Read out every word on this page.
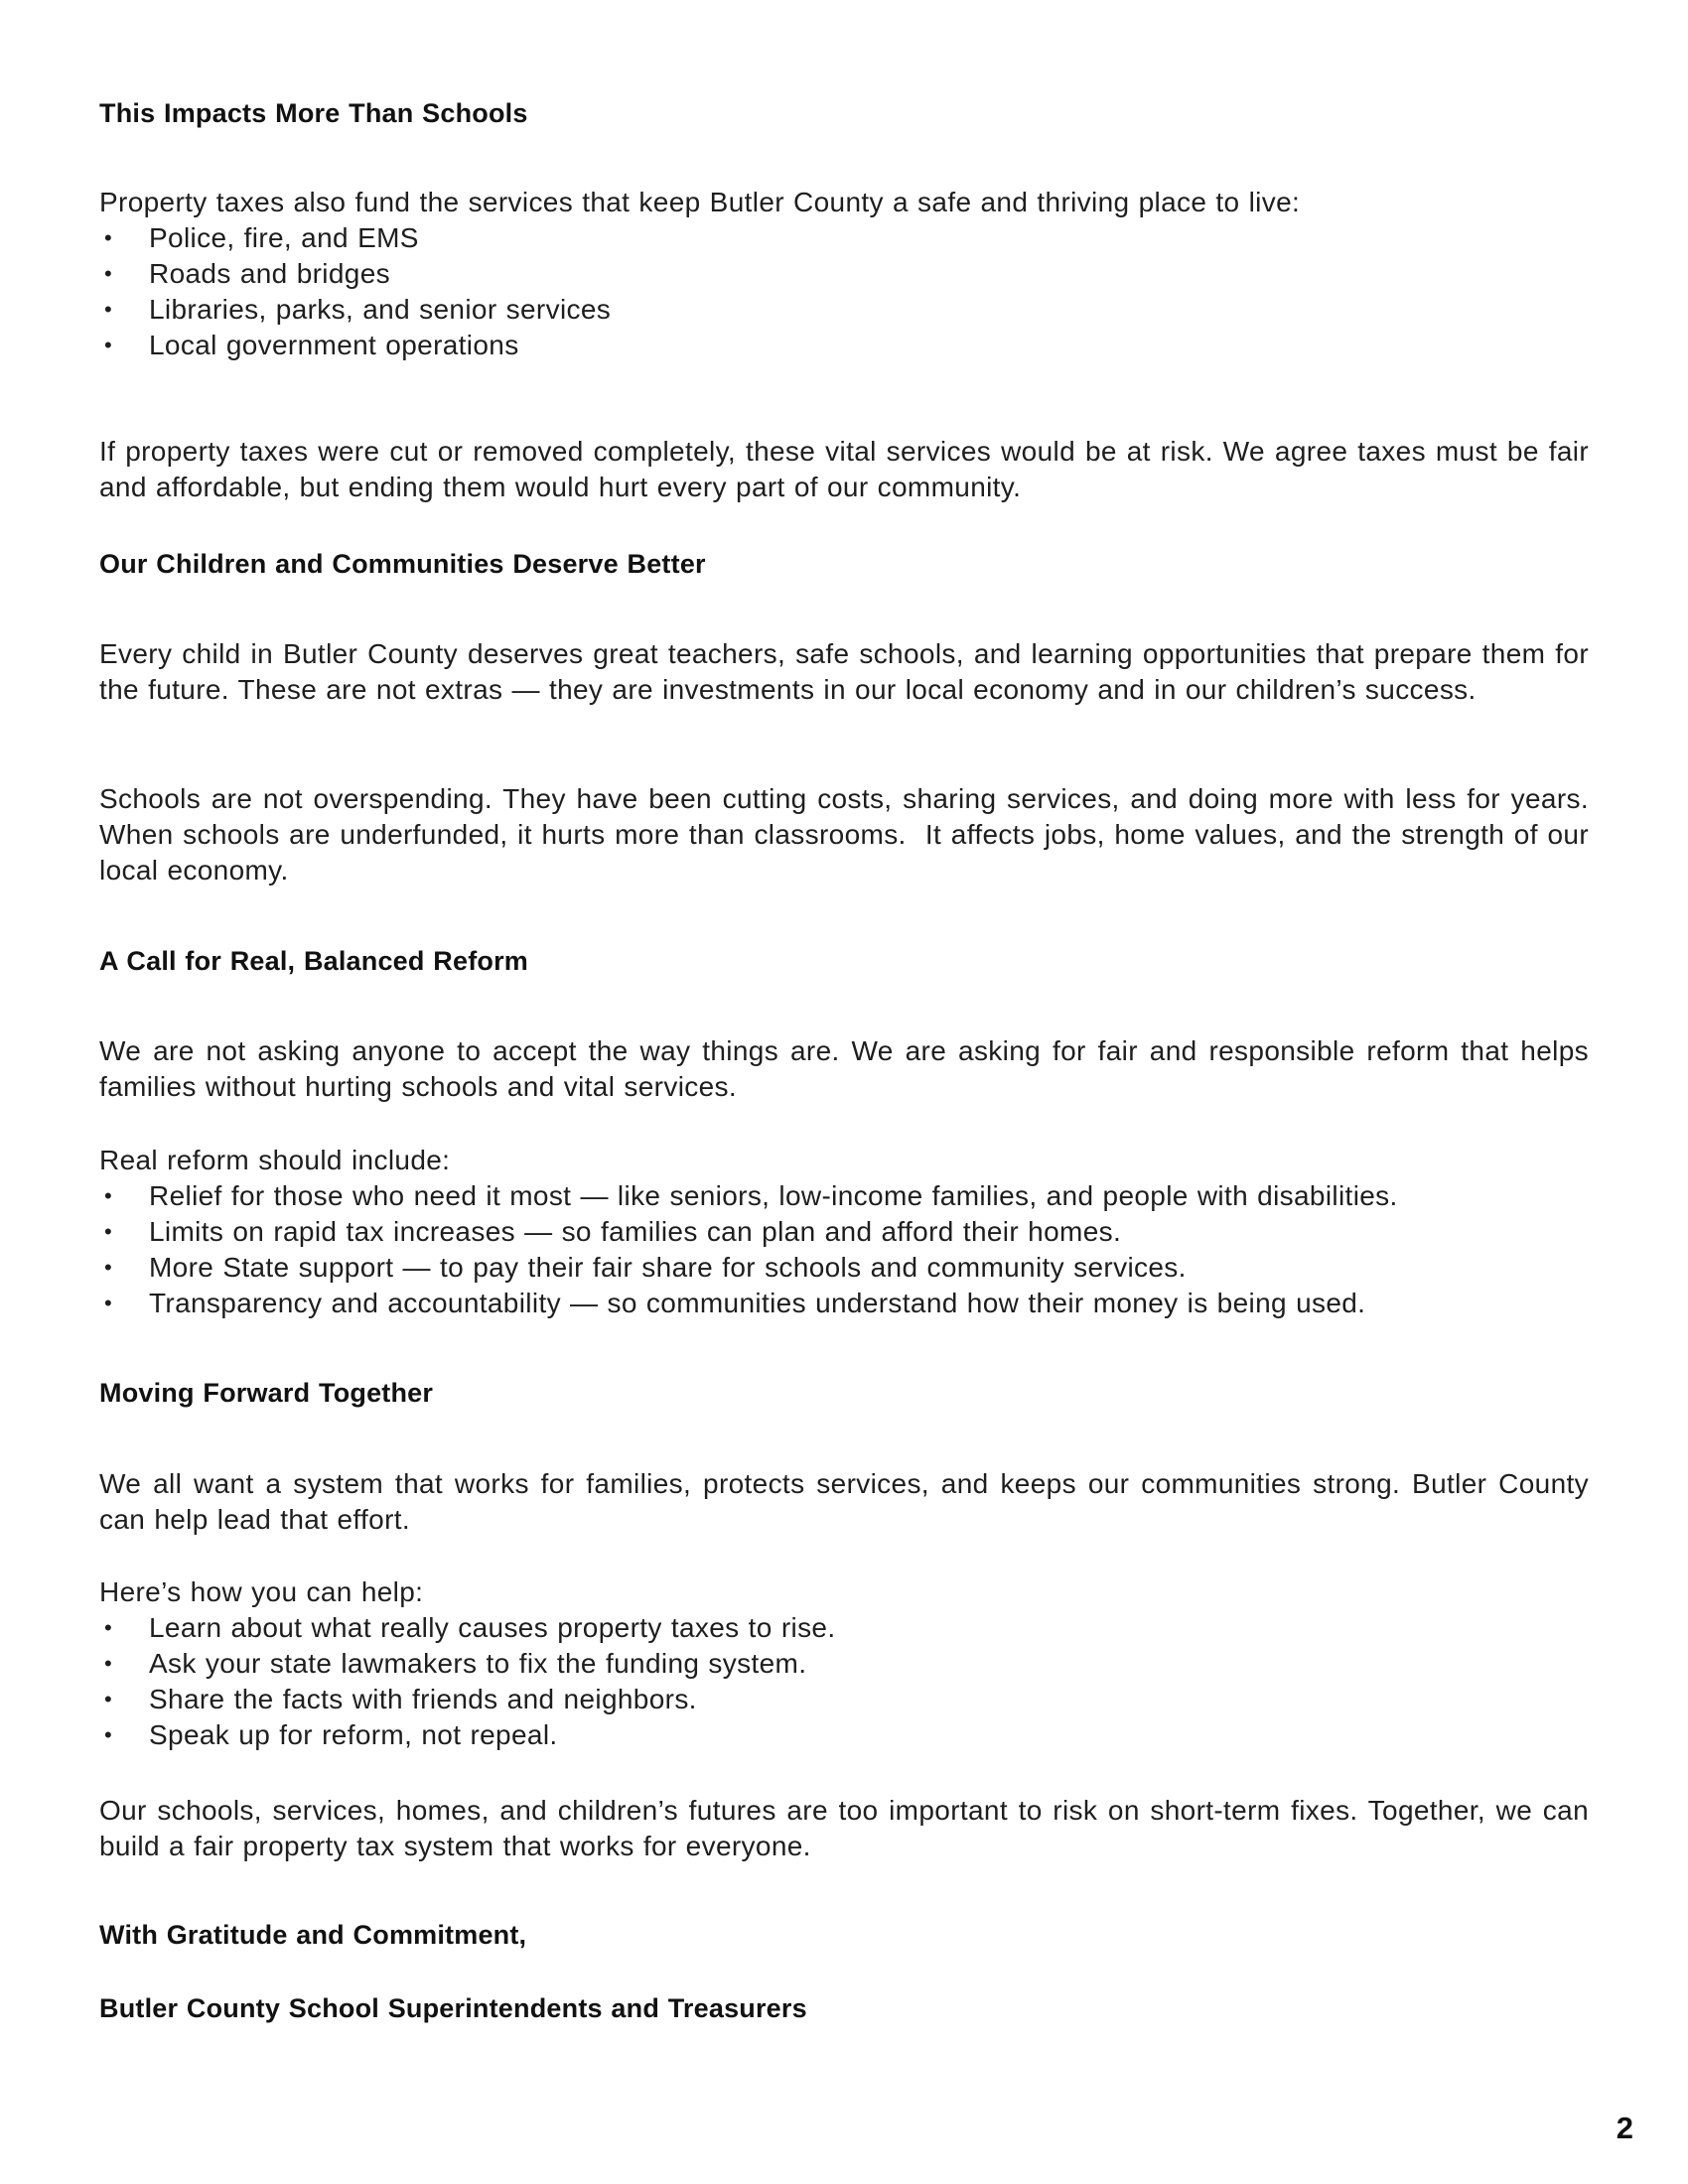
This Impacts More Than Schools
Property taxes also fund the services that keep Butler County a safe and thriving place to live:
• Police, fire, and EMS
• Roads and bridges
• Libraries, parks, and senior services
• Local government operations
If property taxes were cut or removed completely, these vital services would be at risk. We agree taxes must be fair and affordable, but ending them would hurt every part of our community.
Our Children and Communities Deserve Better
Every child in Butler County deserves great teachers, safe schools, and learning opportunities that prepare them for the future. These are not extras — they are investments in our local economy and in our children’s success.
Schools are not overspending. They have been cutting costs, sharing services, and doing more with less for years. When schools are underfunded, it hurts more than classrooms.  It affects jobs, home values, and the strength of our local economy.
A Call for Real, Balanced Reform
We are not asking anyone to accept the way things are. We are asking for fair and responsible reform that helps families without hurting schools and vital services.
Real reform should include:
• Relief for those who need it most — like seniors, low-income families, and people with disabilities.
• Limits on rapid tax increases — so families can plan and afford their homes.
• More State support — to pay their fair share for schools and community services.
• Transparency and accountability — so communities understand how their money is being used.
Moving Forward Together
We all want a system that works for families, protects services, and keeps our communities strong. Butler County can help lead that effort.
Here’s how you can help:
• Learn about what really causes property taxes to rise.
• Ask your state lawmakers to fix the funding system.
• Share the facts with friends and neighbors.
• Speak up for reform, not repeal.
Our schools, services, homes, and children’s futures are too important to risk on short-term fixes. Together, we can build a fair property tax system that works for everyone.
With Gratitude and Commitment,
Butler County School Superintendents and Treasurers
2
